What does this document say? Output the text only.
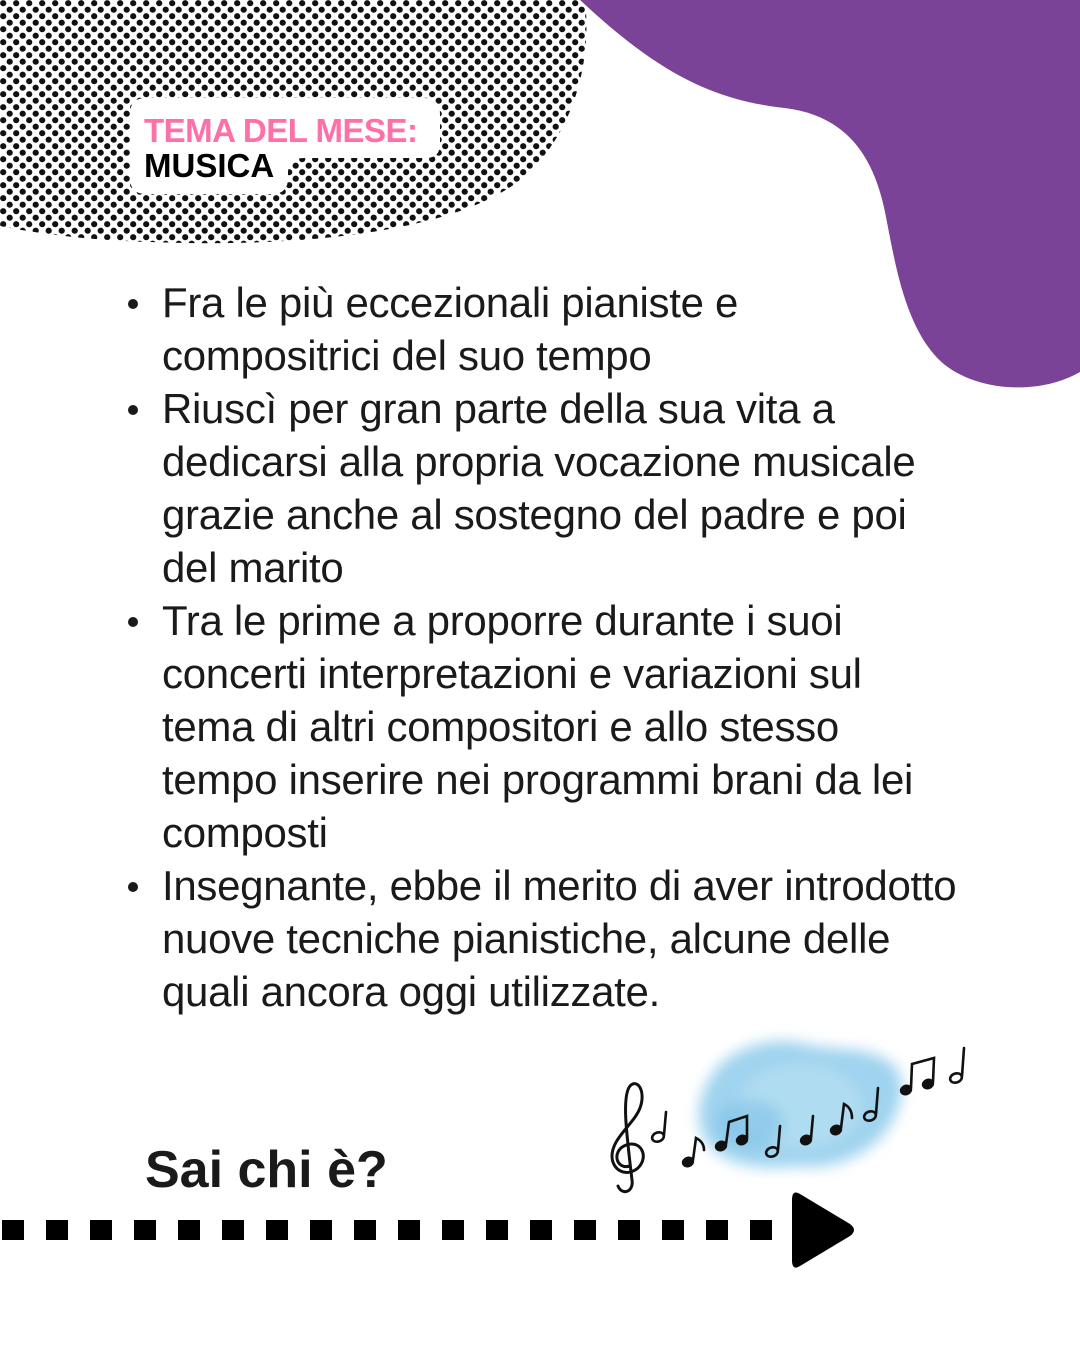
TEMA DEL MESE:
MUSICA
Fra le più eccezionali pianiste e compositrici del suo tempo
Riuscì per gran parte della sua vita a dedicarsi alla propria vocazione musicale grazie anche al sostegno del padre e poi del marito
Tra le prime a proporre durante i suoi concerti interpretazioni e variazioni sul tema di altri compositori e allo stesso tempo inserire nei programmi brani da lei composti
Insegnante, ebbe il merito di aver introdotto nuove tecniche pianistiche, alcune delle quali ancora oggi utilizzate.
Sai chi è?
